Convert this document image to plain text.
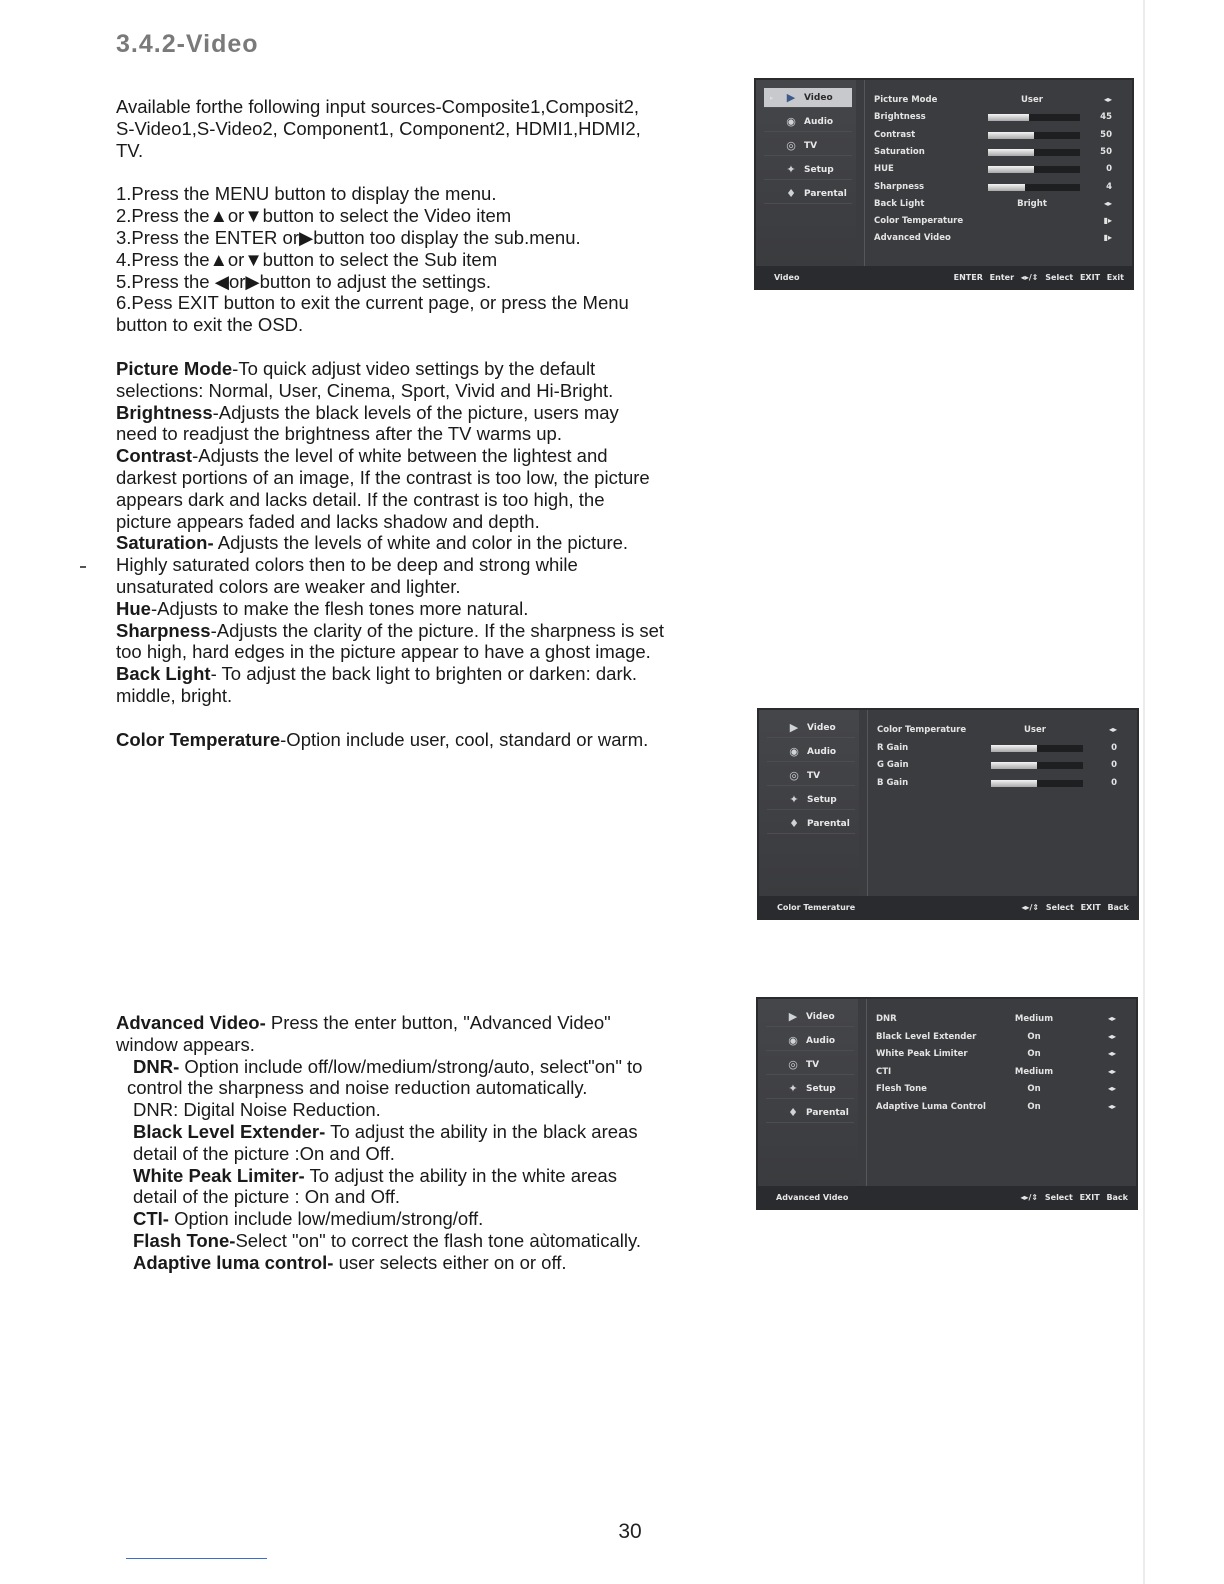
3.4.2-Video

Available forthe following input sources-Composite1,Composit2,

S-Video1,S-Video2, Component1, Component2, HDMI1,HDMI2,

TV.

1.Press the MENU button to display the menu.

2.Press the▲or▼button to select the Video item

3.Press the ENTER or▶button too display the sub.menu.

4.Press the▲or▼button to select the Sub item

5.Press the ◀or▶button to adjust the settings.

6.Pess EXIT button to exit the current page, or press the Menu

button to exit the OSD.

Picture Mode-To quick adjust video settings by the default

selections: Normal, User, Cinema, Sport, Vivid and Hi-Bright.

Brightness-Adjusts the black levels of the picture, users may

need to readjust the brightness after the TV warms up.

Contrast-Adjusts the level of white between the lightest and

darkest portions of an image, If the contrast is too low, the picture

appears dark and lacks detail. If the contrast is too high, the

picture appears faded and lacks shadow and depth.

Saturation- Adjusts the levels of white and color in the picture.

Highly saturated colors then to be deep and strong while

unsaturated colors are weaker and lighter.

Hue-Adjusts to make the flesh tones more natural.

Sharpness-Adjusts the clarity of the picture. If the sharpness is set

too high, hard edges in the picture appear to have a ghost image.

Back Light- To adjust the back light to brighten or darken: dark.

middle, bright.

Color Temperature-Option include user, cool, standard or warm.

Advanced Video- Press the enter button, "Advanced Video"

window appears.

DNR- Option include off/low/medium/strong/auto, select"on" to

control the sharpness and noise reduction automatically.

DNR: Digital Noise Reduction.

Black Level Extender- To adjust the ability in the black areas

detail of the picture :On and Off.

White Peak Limiter- To adjust the ability in the white areas

detail of the picture : On and Off.

CTI- Option include low/medium/strong/off.

Flash Tone-Select "on" to correct the flash tone aùtomatically.

Adaptive luma control- user selects either on or off.

▸ ▶ Video
◉ Audio
◎ TV
✦ Setup
♦ Parental
Video	ENTER Enter ◂▸/⇕ Select EXIT Exit
Picture Mode	User	◂▸
Brightness	45
Contrast	50
Saturation	50
HUE	0
Sharpness	4
Back Light	Bright	◂▸
Color Temperature	▮▸
Advanced Video	▮▸
▶ Video
◉ Audio
◎ TV
✦ Setup
♦ Parental
Color Temerature	◂▸/⇕ Select EXIT Back
Color Temperature	User	◂▸
R Gain	0
G Gain	0
B Gain	0
▶ Video
◉ Audio
◎ TV
✦ Setup
♦ Parental
Advanced Video	◂▸/⇕ Select EXIT Back
DNR	Medium	◂▸
Black Level Extender	On	◂▸
White Peak Limiter	On	◂▸
CTI	Medium	◂▸
Flesh Tone	On	◂▸
Adaptive Luma Control	On	◂▸
30
